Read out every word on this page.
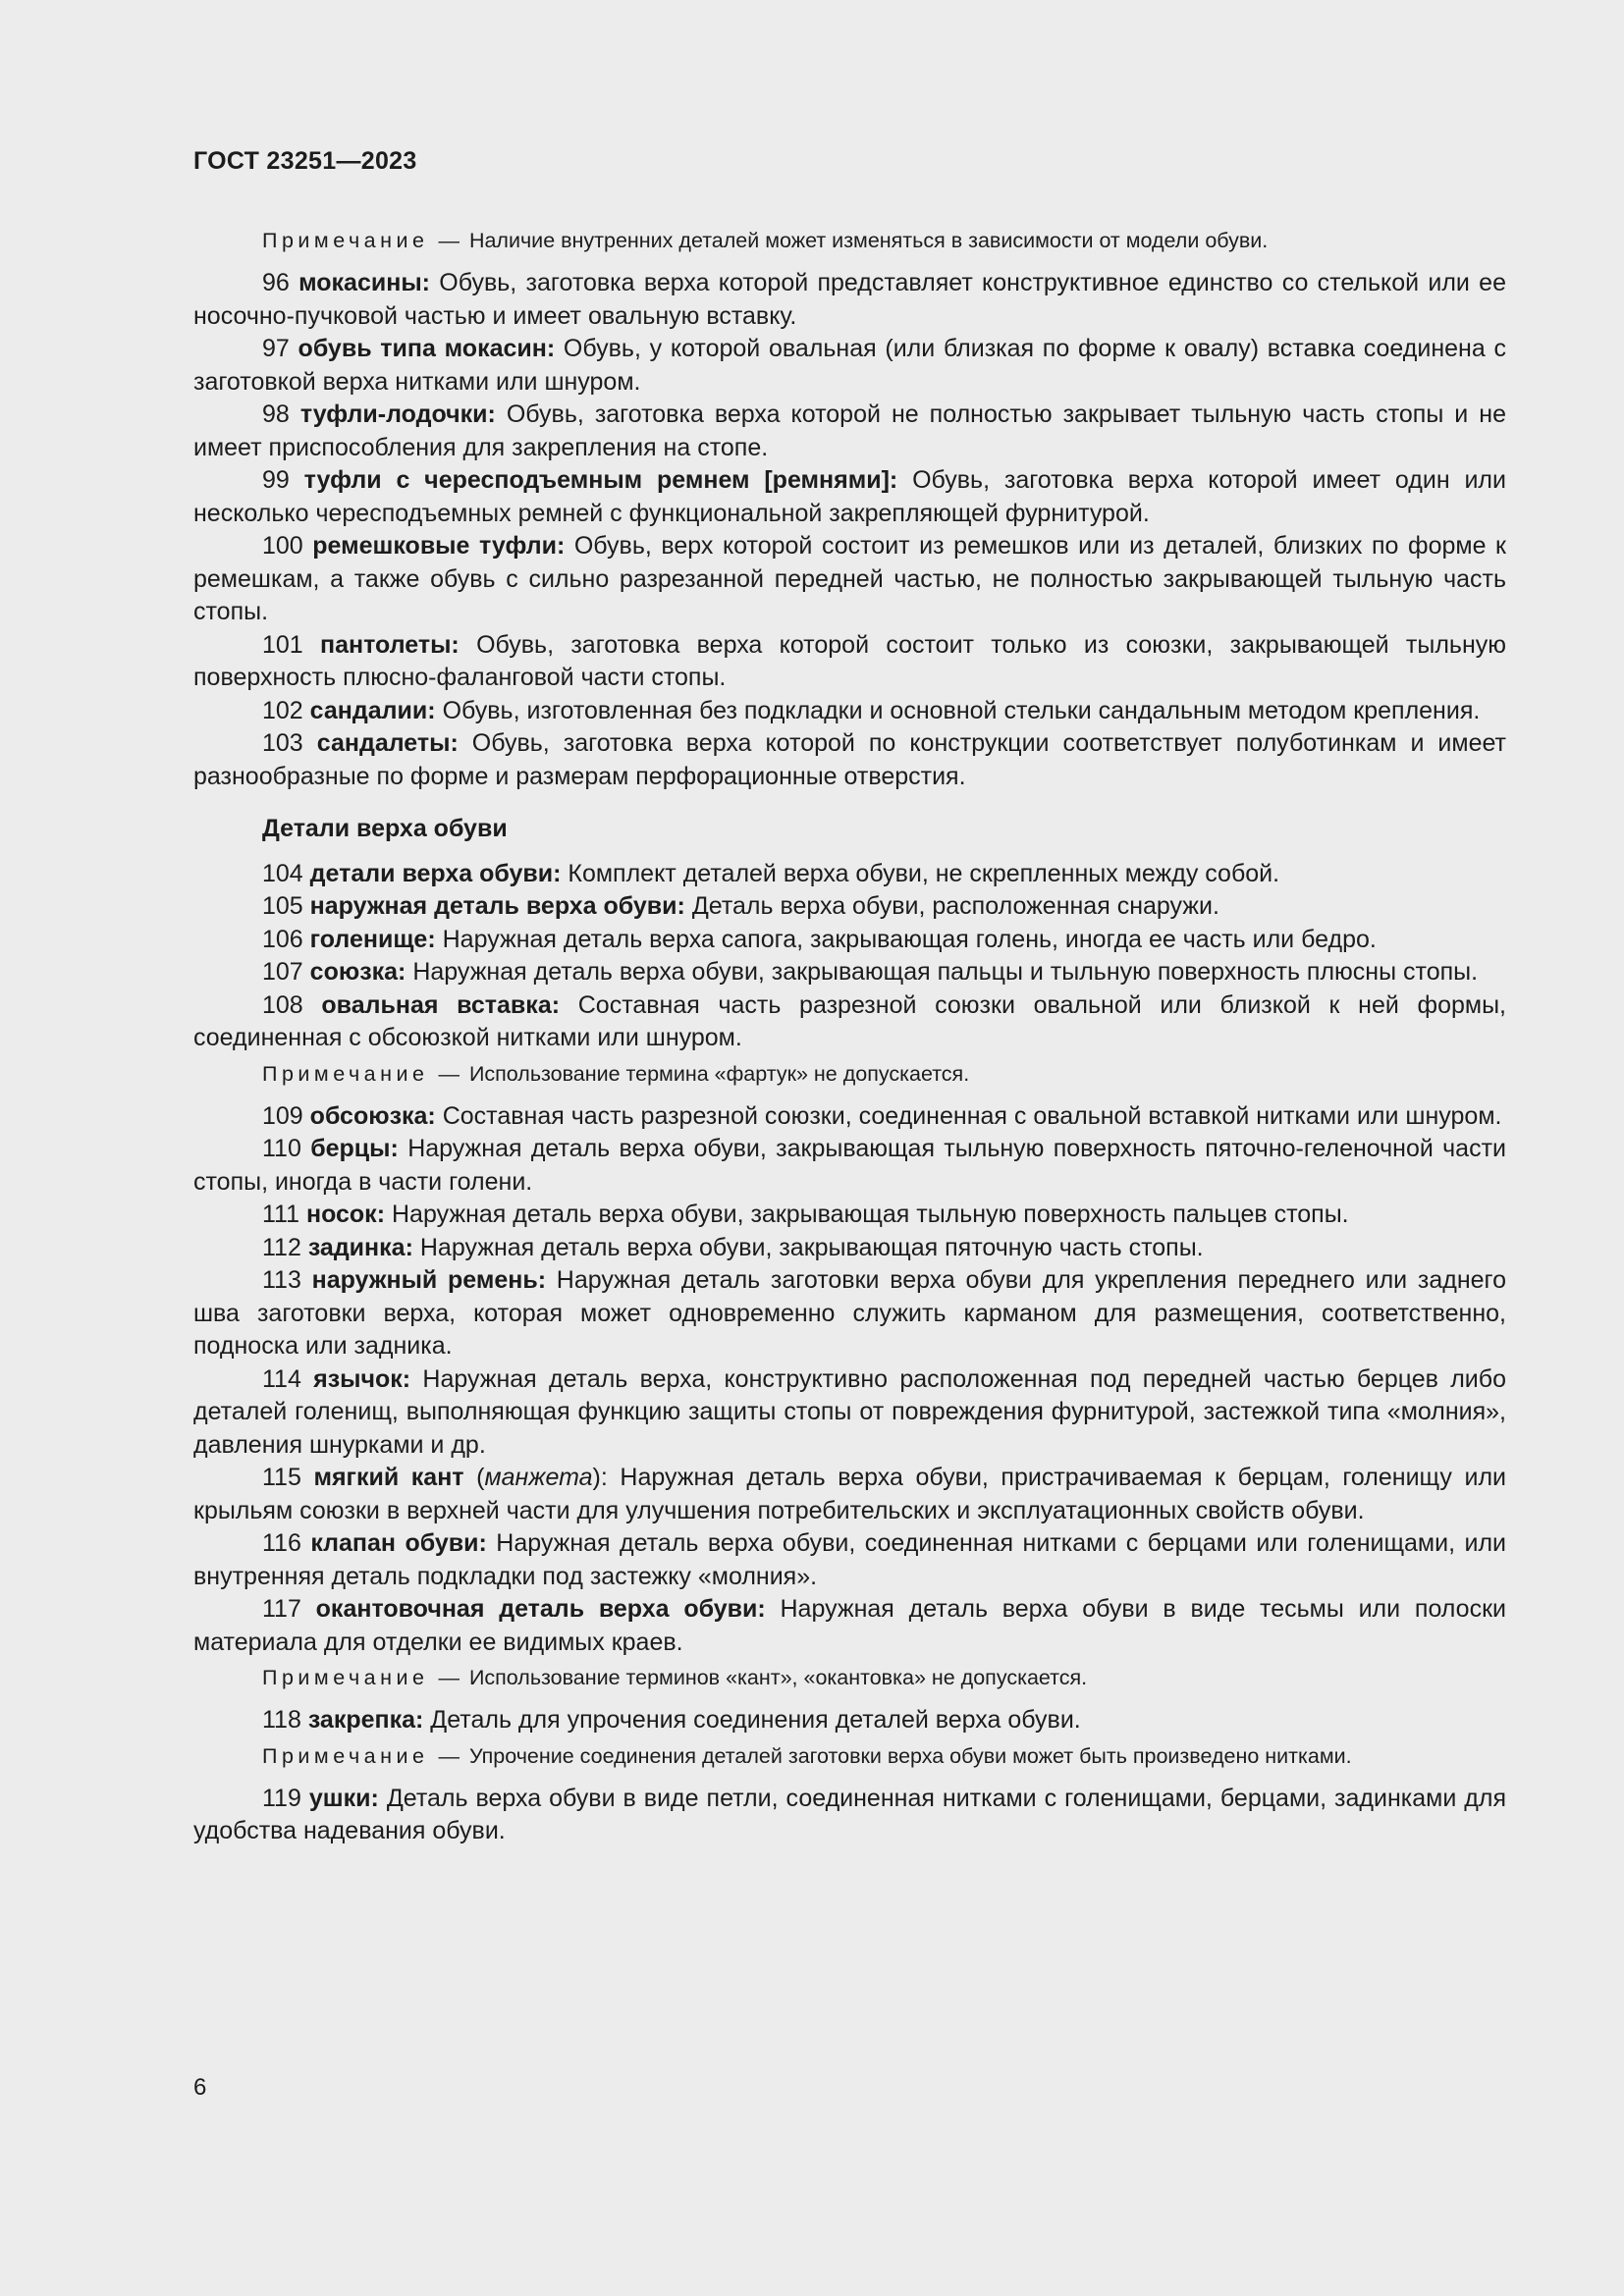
ГОСТ 23251—2023

Примечание — Наличие внутренних деталей может изменяться в зависимости от модели обуви.

96 мокасины: Обувь, заготовка верха которой представляет конструктивное единство со стелькой или ее носочно-пучковой частью и имеет овальную вставку.

97 обувь типа мокасин: Обувь, у которой овальная (или близкая по форме к овалу) вставка соединена с заготовкой верха нитками или шнуром.

98 туфли-лодочки: Обувь, заготовка верха которой не полностью закрывает тыльную часть стопы и не имеет приспособления для закрепления на стопе.

99 туфли с чересподъемным ремнем [ремнями]: Обувь, заготовка верха которой имеет один или несколько чересподъемных ремней с функциональной закрепляющей фурнитурой.

100 ремешковые туфли: Обувь, верх которой состоит из ремешков или из деталей, близких по форме к ремешкам, а также обувь с сильно разрезанной передней частью, не полностью закрывающей тыльную часть стопы.

101 пантолеты: Обувь, заготовка верха которой состоит только из союзки, закрывающей тыльную поверхность плюсно-фаланговой части стопы.

102 сандалии: Обувь, изготовленная без подкладки и основной стельки сандальным методом крепления.

103 сандалеты: Обувь, заготовка верха которой по конструкции соответствует полуботинкам и имеет разнообразные по форме и размерам перфорационные отверстия.

Детали верха обуви

104 детали верха обуви: Комплект деталей верха обуви, не скрепленных между собой.

105 наружная деталь верха обуви: Деталь верха обуви, расположенная снаружи.

106 голенище: Наружная деталь верха сапога, закрывающая голень, иногда ее часть или бедро.

107 союзка: Наружная деталь верха обуви, закрывающая пальцы и тыльную поверхность плюсны стопы.

108 овальная вставка: Составная часть разрезной союзки овальной или близкой к ней формы, соединенная с обсоюзкой нитками или шнуром.

Примечание — Использование термина «фартук» не допускается.

109 обсоюзка: Составная часть разрезной союзки, соединенная с овальной вставкой нитками или шнуром.

110 берцы: Наружная деталь верха обуви, закрывающая тыльную поверхность пяточно-геленочной части стопы, иногда в части голени.

111 носок: Наружная деталь верха обуви, закрывающая тыльную поверхность пальцев стопы.

112 задинка: Наружная деталь верха обуви, закрывающая пяточную часть стопы.

113 наружный ремень: Наружная деталь заготовки верха обуви для укрепления переднего или заднего шва заготовки верха, которая может одновременно служить карманом для размещения, соответственно, подноска или задника.

114 язычок: Наружная деталь верха, конструктивно расположенная под передней частью берцев либо деталей голенищ, выполняющая функцию защиты стопы от повреждения фурнитурой, застежкой типа «молния», давления шнурками и др.

115 мягкий кант (манжета): Наружная деталь верха обуви, пристрачиваемая к берцам, голенищу или крыльям союзки в верхней части для улучшения потребительских и эксплуатационных свойств обуви.

116 клапан обуви: Наружная деталь верха обуви, соединенная нитками с берцами или голенищами, или внутренняя деталь подкладки под застежку «молния».

117 окантовочная деталь верха обуви: Наружная деталь верха обуви в виде тесьмы или полоски материала для отделки ее видимых краев.

Примечание — Использование терминов «кант», «окантовка» не допускается.

118 закрепка: Деталь для упрочения соединения деталей верха обуви.

Примечание — Упрочение соединения деталей заготовки верха обуви может быть произведено нитками.

119 ушки: Деталь верха обуви в виде петли, соединенная нитками с голенищами, берцами, задинками для удобства надевания обуви.

6
